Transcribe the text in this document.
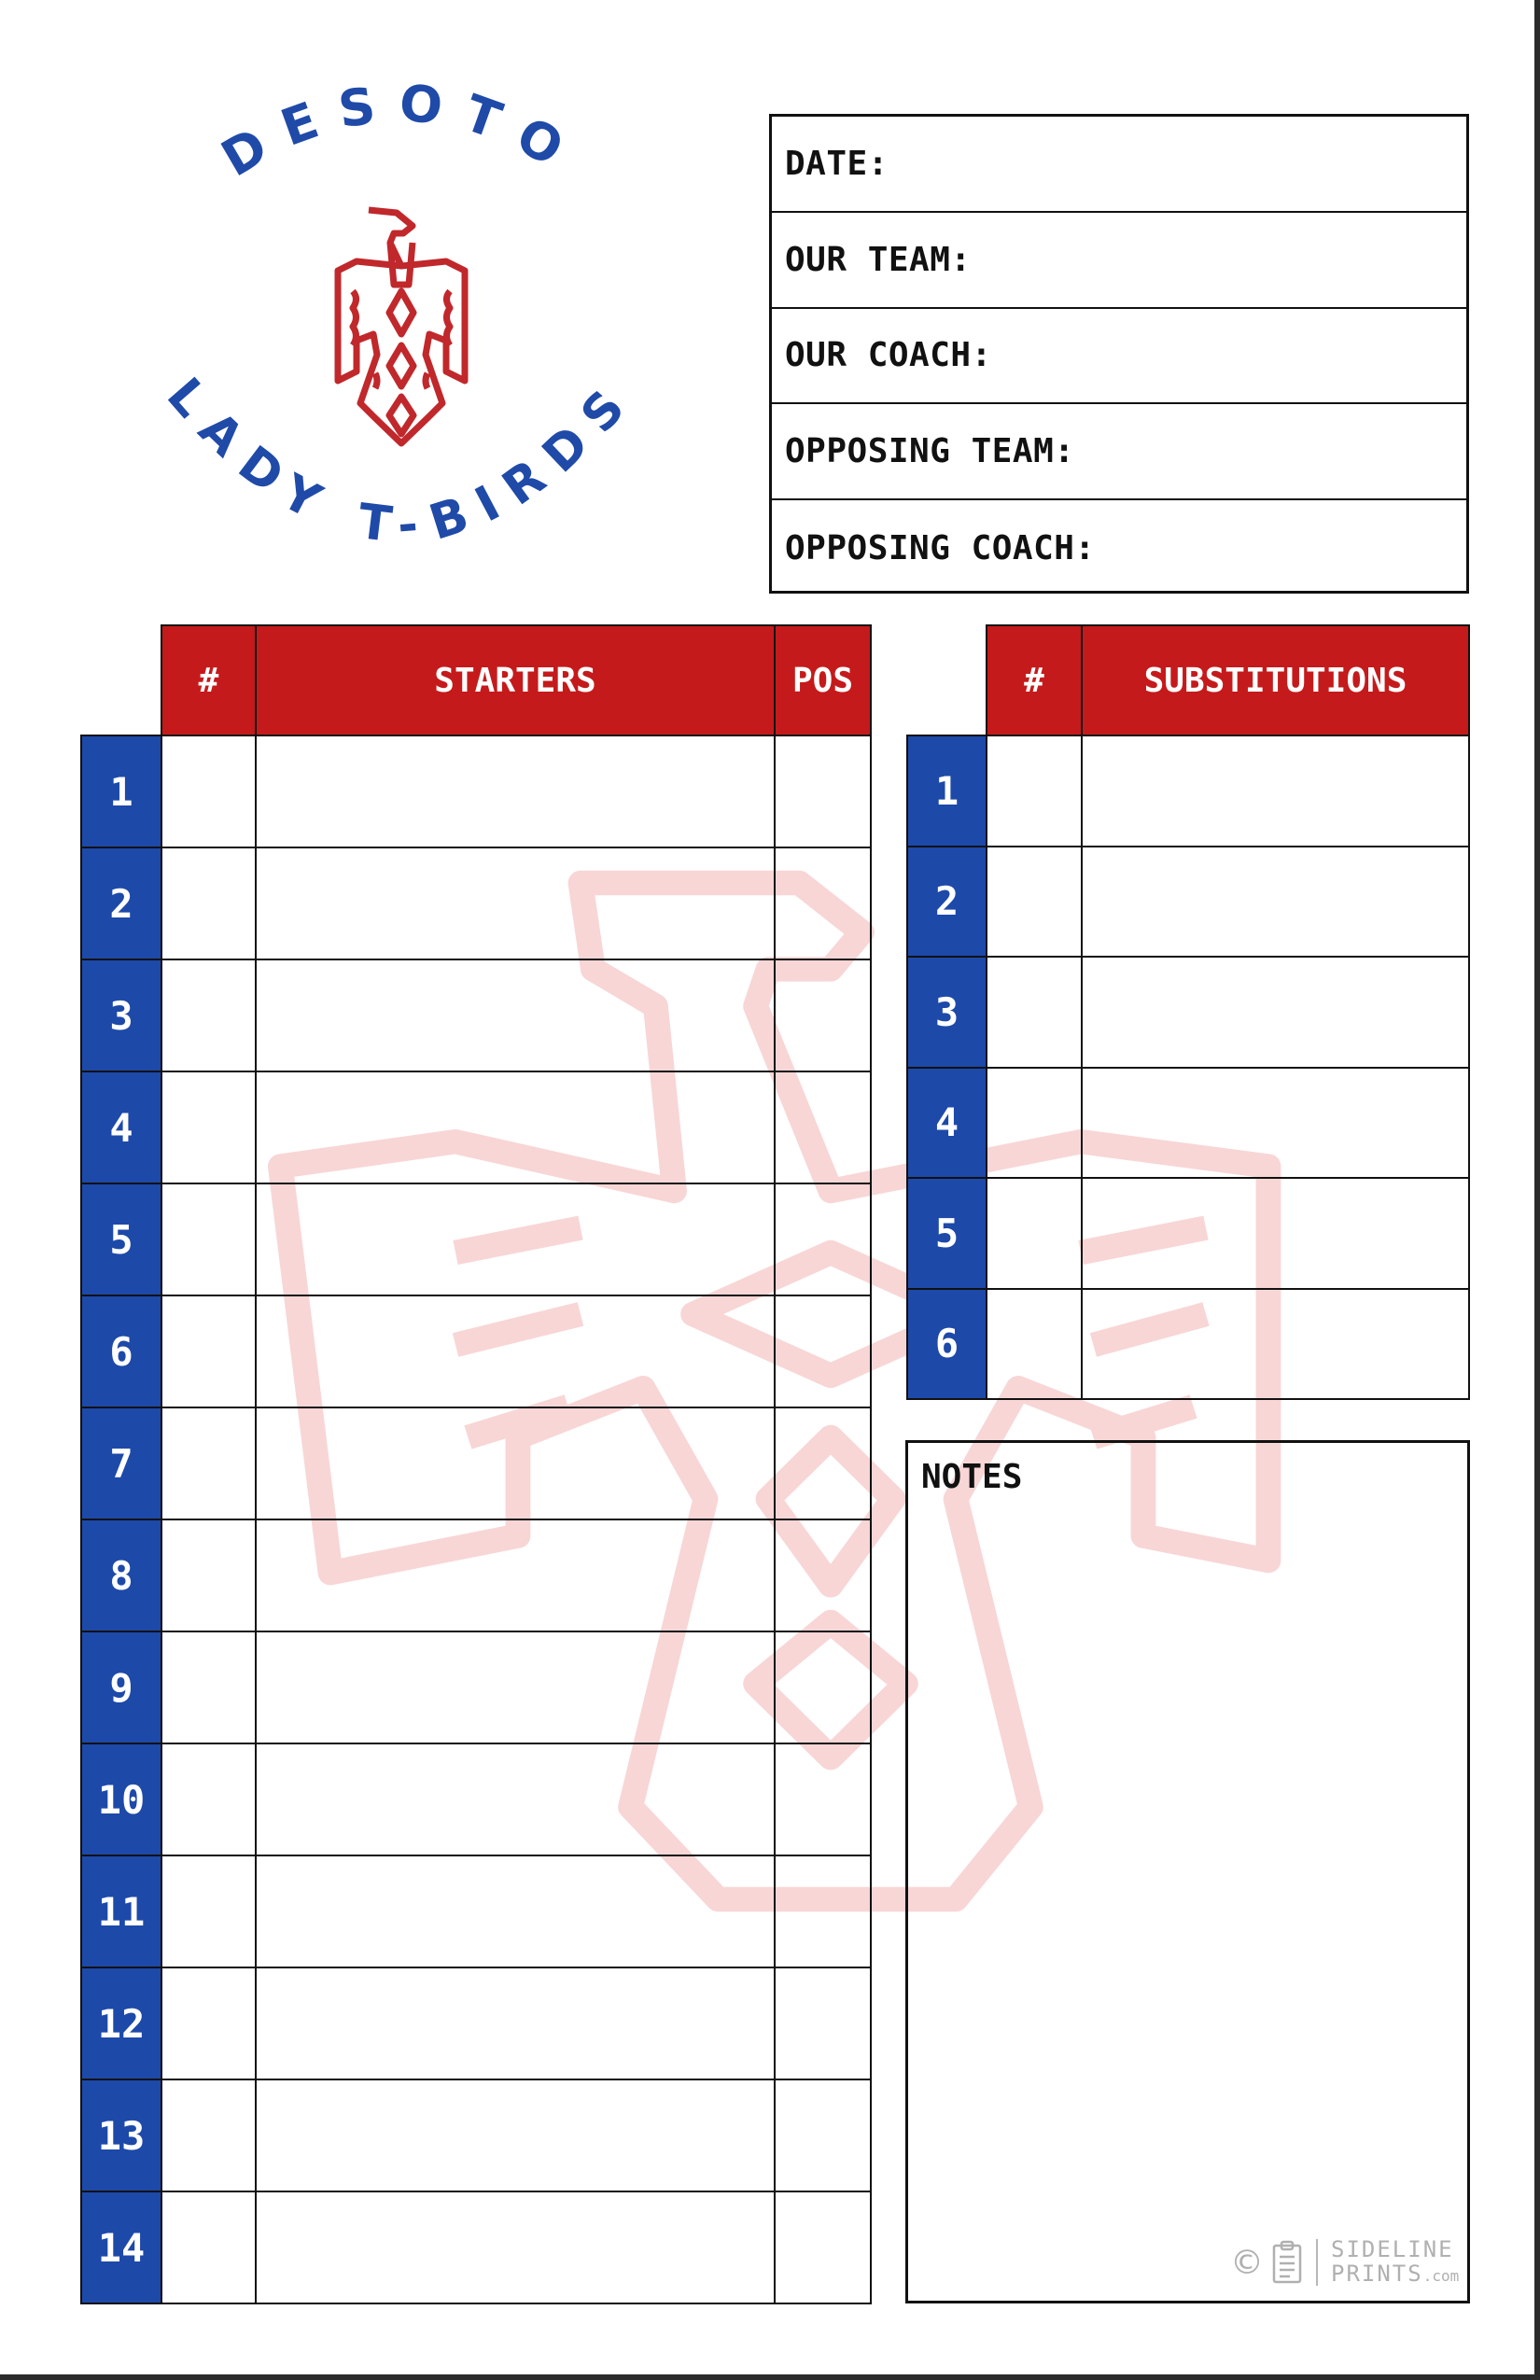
DESOTO
LADY T-BIRDS
DATE:
OUR TEAM:
OUR COACH:
OPPOSING TEAM:
OPPOSING COACH:
#	STARTERS	POS
1
2
3
4
5
6
7
8
9
10
11
12
13
14
#	SUBSTITUTIONS
1
2
3
4
5
6
NOTES
©	SIDELINE
PRINTS.com
